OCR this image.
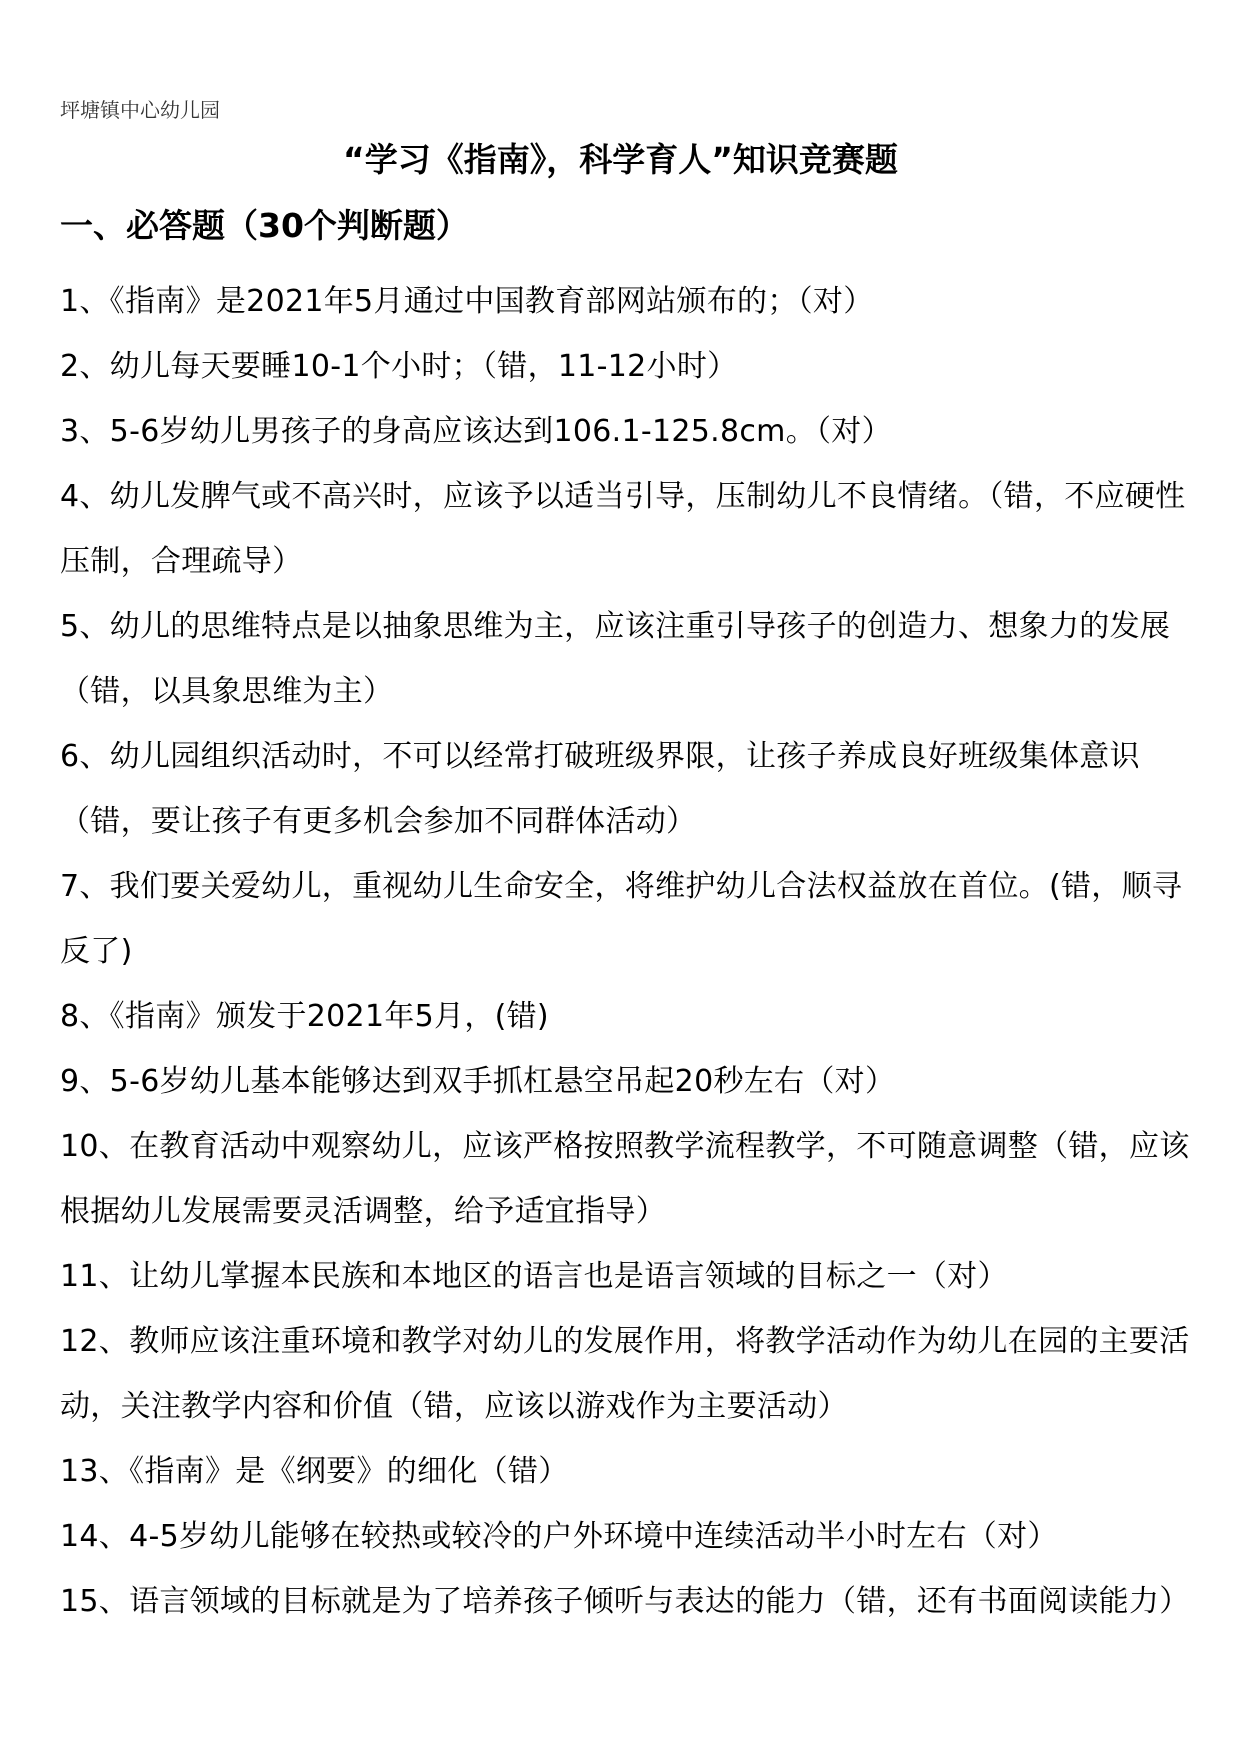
坪塘镇中心幼儿园
“学习《指南》，科学育人”知识竞赛题
一、必答题（30个判断题）
1、《指南》是2021年5月通过中国教育部网站颁布的；（对）
2、幼儿每天要睡10-1个小时；（错，11-12小时）
3、5-6岁幼儿男孩子的身高应该达到106.1-125.8cm。（对）
4、幼儿发脾气或不高兴时，应该予以适当引导，压制幼儿不良情绪。（错，不应硬性压制，合理疏导）
5、幼儿的思维特点是以抽象思维为主，应该注重引导孩子的创造力、想象力的发展（错，以具象思维为主）
6、幼儿园组织活动时，不可以经常打破班级界限，让孩子养成良好班级集体意识（错，要让孩子有更多机会参加不同群体活动）
7、我们要关爱幼儿，重视幼儿生命安全，将维护幼儿合法权益放在首位。(错，顺寻反了)
8、《指南》颁发于2021年5月，(错)
9、5-6岁幼儿基本能够达到双手抓杠悬空吊起20秒左右（对）
10、在教育活动中观察幼儿，应该严格按照教学流程教学，不可随意调整（错，应该根据幼儿发展需要灵活调整，给予适宜指导）
11、让幼儿掌握本民族和本地区的语言也是语言领域的目标之一（对）
12、教师应该注重环境和教学对幼儿的发展作用，将教学活动作为幼儿在园的主要活动，关注教学内容和价值（错，应该以游戏作为主要活动）
13、《指南》是《纲要》的细化（错）
14、4-5岁幼儿能够在较热或较冷的户外环境中连续活动半小时左右（对）
15、语言领域的目标就是为了培养孩子倾听与表达的能力（错，还有书面阅读能力）
